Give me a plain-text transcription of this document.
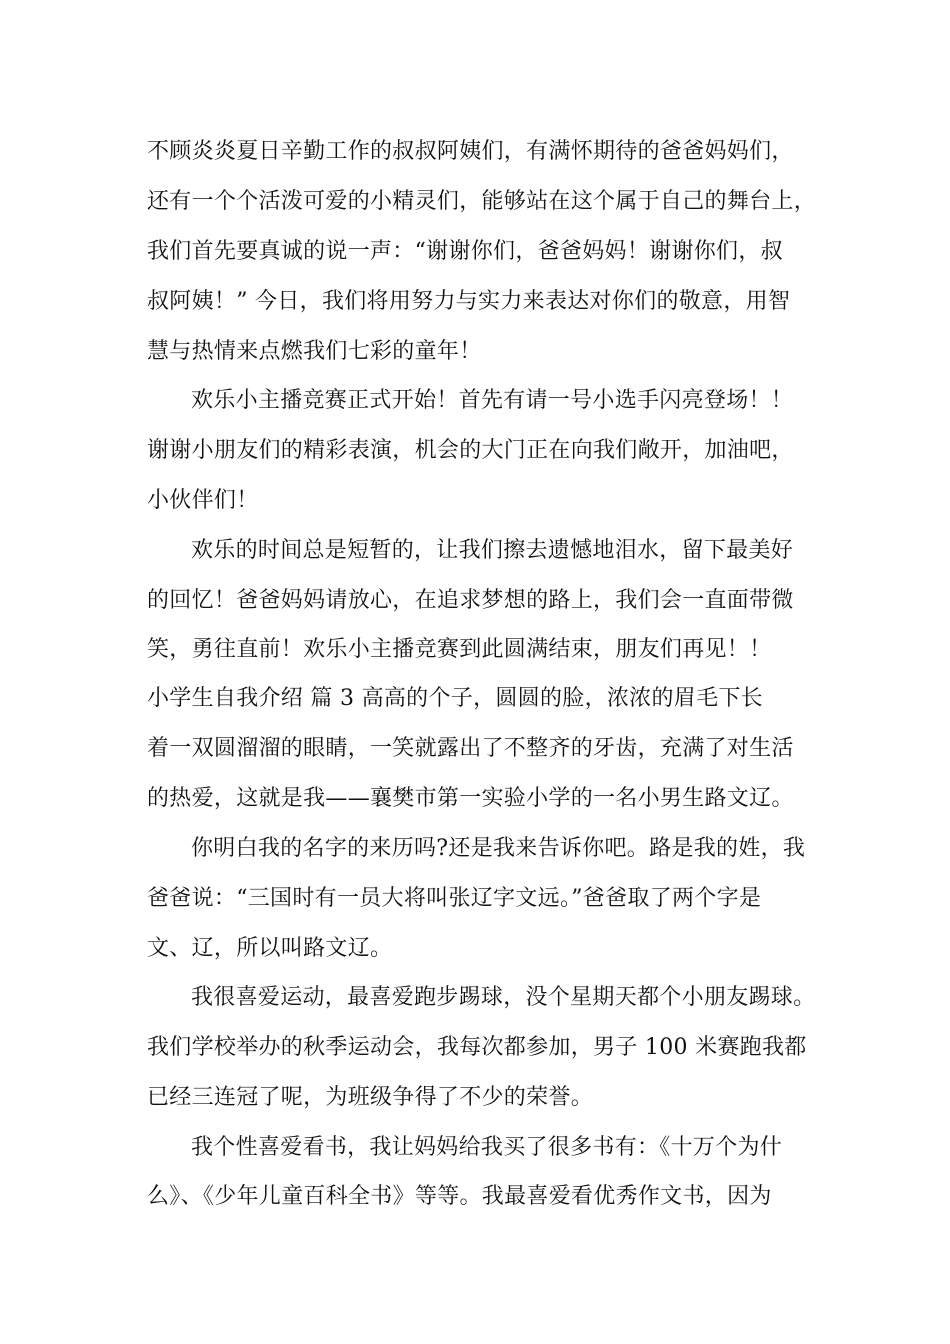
不顾炎炎夏日辛勤工作的叔叔阿姨们，有满怀期待的爸爸妈妈们，
还有一个个活泼可爱的小精灵们，能够站在这个属于自己的舞台上，
我们首先要真诚的说一声：“谢谢你们，爸爸妈妈！谢谢你们，叔
叔阿姨！” 今日，我们将用努力与实力来表达对你们的敬意，用智
慧与热情来点燃我们七彩的童年！
欢乐小主播竞赛正式开始！首先有请一号小选手闪亮登场！！
谢谢小朋友们的精彩表演，机会的大门正在向我们敞开，加油吧，
小伙伴们！
欢乐的时间总是短暂的，让我们擦去遗憾地泪水，留下最美好
的回忆！爸爸妈妈请放心，在追求梦想的路上，我们会一直面带微
笑，勇往直前！欢乐小主播竞赛到此圆满结束，朋友们再见！！
小学生自我介绍 篇 3 高高的个子，圆圆的脸，浓浓的眉毛下长
着一双圆溜溜的眼睛，一笑就露出了不整齐的牙齿，充满了对生活
的热爱，这就是我——襄樊市第一实验小学的一名小男生路文辽。
你明白我的名字的来历吗?还是我来告诉你吧。路是我的姓，我
爸爸说：“三国时有一员大将叫张辽字文远。”爸爸取了两个字是
文、辽，所以叫路文辽。
我很喜爱运动，最喜爱跑步踢球，没个星期天都个小朋友踢球。
我们学校举办的秋季运动会，我每次都参加，男子 100 米赛跑我都
已经三连冠了呢，为班级争得了不少的荣誉。
我个性喜爱看书，我让妈妈给我买了很多书有：《十万个为什
么》、《少年儿童百科全书》等等。我最喜爱看优秀作文书，因为
